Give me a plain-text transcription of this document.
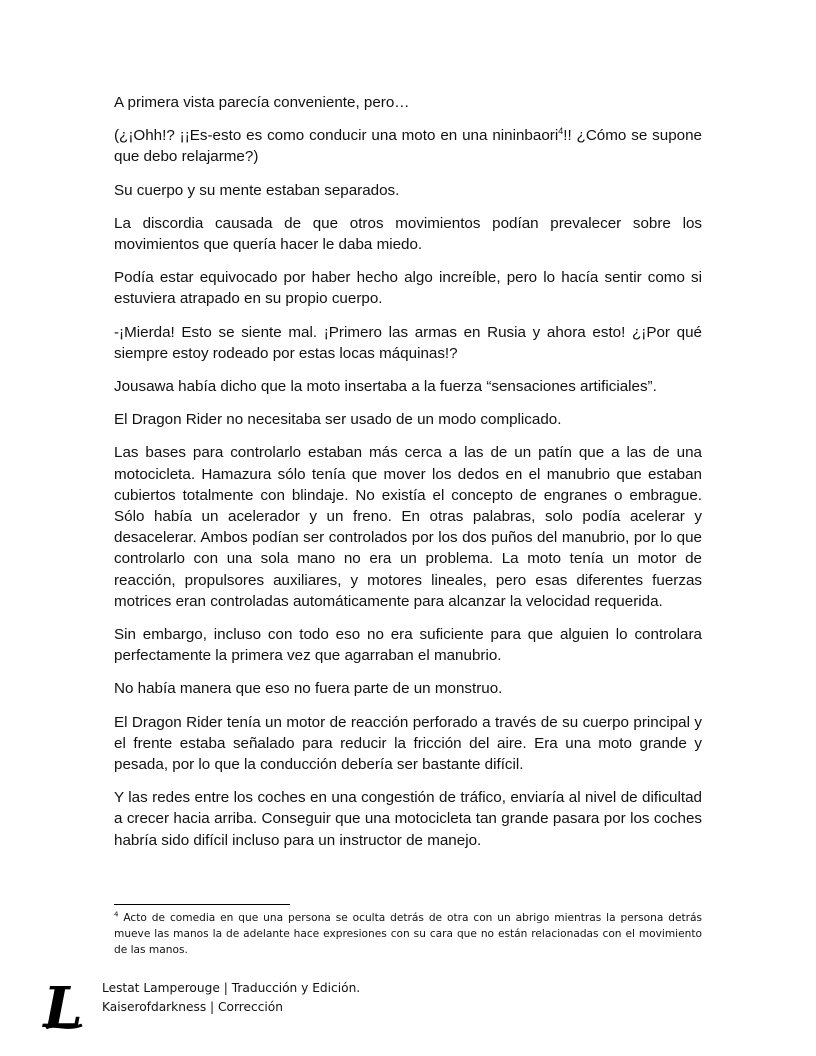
A primera vista parecía conveniente, pero…

(¿¡Ohh!? ¡¡Es-esto es como conducir una moto en una nininbaori$^4$!! ¿Cómo se supone que debo relajarme?)

Su cuerpo y su mente estaban separados.

La discordia causada de que otros movimientos podían prevalecer sobre los movimientos que quería hacer le daba miedo.

Podía estar equivocado por haber hecho algo increíble, pero lo hacía sentir como si estuviera atrapado en su propio cuerpo.

-¡Mierda! Esto se siente mal. ¡Primero las armas en Rusia y ahora esto! ¿¡Por qué siempre estoy rodeado por estas locas máquinas!?

Jousawa había dicho que la moto insertaba a la fuerza “sensaciones artificiales”.

El Dragon Rider no necesitaba ser usado de un modo complicado.

Las bases para controlarlo estaban más cerca a las de un patín que a las de una motocicleta. Hamazura sólo tenía que mover los dedos en el manubrio que estaban cubiertos totalmente con blindaje. No existía el concepto de engranes o embrague. Sólo había un acelerador y un freno. En otras palabras, solo podía acelerar y desacelerar. Ambos podían ser controlados por los dos puños del manubrio, por lo que controlarlo con una sola mano no era un problema. La moto tenía un motor de reacción, propulsores auxiliares, y motores lineales, pero esas diferentes fuerzas motrices eran controladas automáticamente para alcanzar la velocidad requerida.

Sin embargo, incluso con todo eso no era suficiente para que alguien lo controlara perfectamente la primera vez que agarraban el manubrio.

No había manera que eso no fuera parte de un monstruo.

El Dragon Rider tenía un motor de reacción perforado a través de su cuerpo principal y el frente estaba señalado para reducir la fricción del aire. Era una moto grande y pesada, por lo que la conducción debería ser bastante difícil.

Y las redes entre los coches en una congestión de tráfico, enviaría al nivel de dificultad a crecer hacia arriba. Conseguir que una motocicleta tan grande pasara por los coches habría sido difícil incluso para un instructor de manejo.

$^4$ Acto de comedia en que una persona se oculta detrás de otra con un abrigo mientras la persona detrás mueve las manos la de adelante hace expresiones con su cara que no están relacionadas con el movimiento de las manos.
L Lestat Lamperouge | Traducción y Edición.
Kaiserofdarkness | Corrección
